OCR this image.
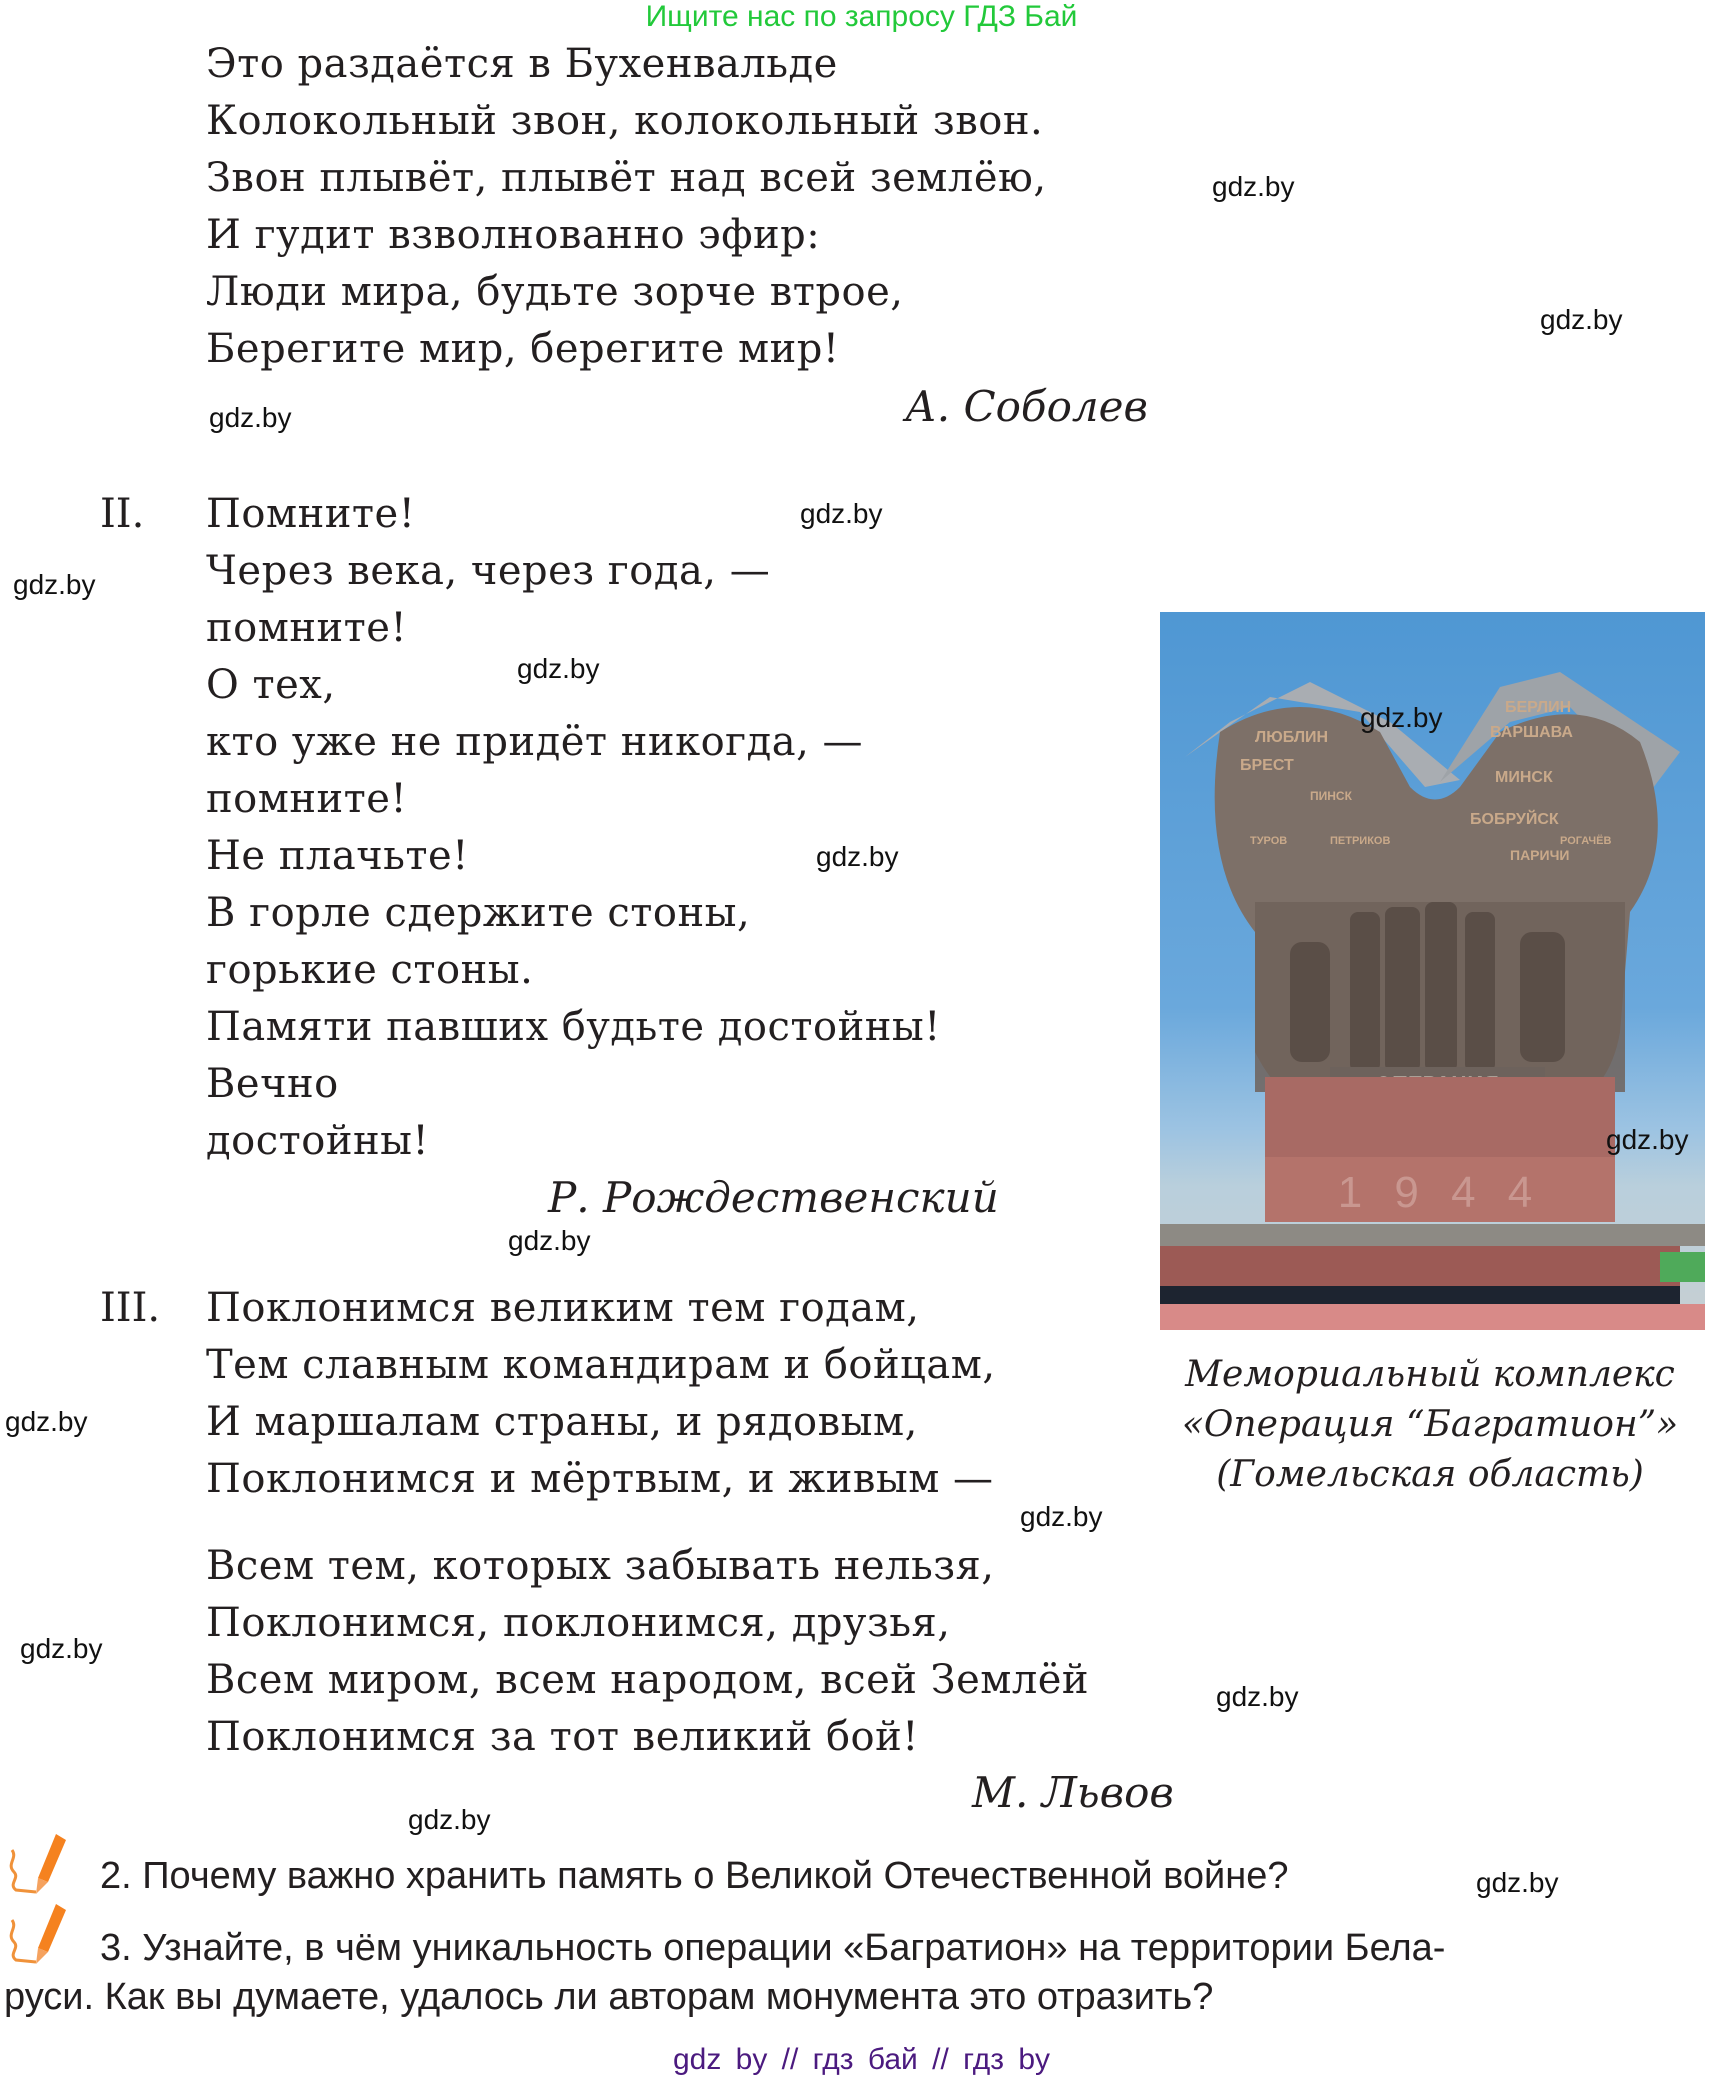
Ищите нас по запросу ГДЗ Бай
Это раздаётся в Бухенвальде
Колокольный звон, колокольный звон.
Звон плывёт, плывёт над всей землёю,
И гудит взволнованно эфир:
Люди мира, будьте зорче втрое,
Берегите мир, берегите мир!
А. Соболев
II. Помните!
Через века, через года, —
помните!
О тех,
кто уже не придёт никогда, —
помните!
Не плачьте!
В горле сдержите стоны,
горькие стоны.
Памяти павших будьте достойны!
Вечно
достойны!
Р. Рождественский
III. Поклонимся великим тем годам,
Тем славным командирам и бойцам,
И маршалам страны, и рядовым,
Поклонимся и мёртвым, и живым —
Всем тем, которых забывать нельзя,
Поклонимся, поклонимся, друзья,
Всем миром, всем народом, всей Землёй
Поклонимся за тот великий бой!
М. Львов
ЛЮБЛИН
БРЕСТ
ПИНСК
ТУРОВ	ПЕТРИКОВ
БЕРЛИН
ВАРШАВА
МИНСК
БОБРУЙСК
РОГАЧЁВ
ПАРИЧИ
1 9 4 4
Мемориальный комплекс
«Операция “Багратион”»
(Гомельская область)
2. Почему важно хранить память о Великой Отечественной войне?
3. Узнайте, в чём уникальность операции «Багратион» на территории Бела-
руси. Как вы думаете, удалось ли авторам монумента это отразить?
gdz.by
gdz.by
gdz.by
gdz.by
gdz.by
gdz.by
gdz.by
gdz.by
gdz.by
gdz.by
gdz.by
gdz.by
gdz.by
gdz.by
gdz.by
gdz.by
gdz by // гдз бай // гдз by
